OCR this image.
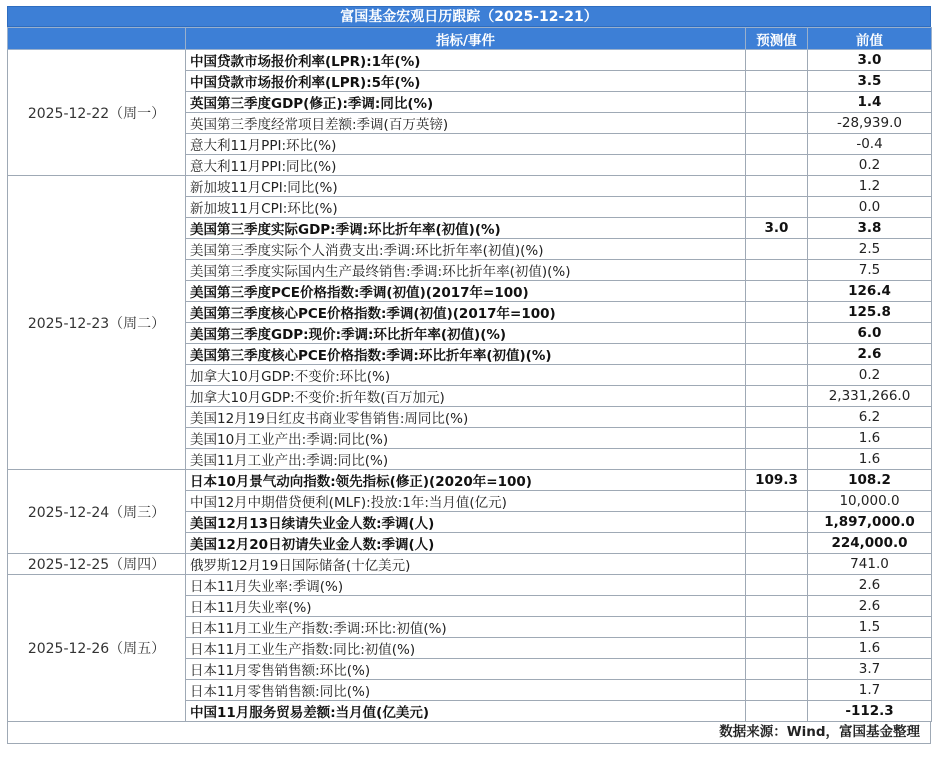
富国基金宏观日历跟踪（2025-12-21）
	指标/事件	预测值	前值
2025-12-22（周一）	中国贷款市场报价利率(LPR):1年(%)		3.0
	中国贷款市场报价利率(LPR):5年(%)		3.5
	英国第三季度GDP(修正):季调:同比(%)		1.4
	英国第三季度经常项目差额:季调(百万英镑)		-28,939.0
	意大利11月PPI:环比(%)		-0.4
	意大利11月PPI:同比(%)		0.2
2025-12-23（周二）	新加坡11月CPI:同比(%)		1.2
	新加坡11月CPI:环比(%)		0.0
	美国第三季度实际GDP:季调:环比折年率(初值)(%)	3.0	3.8
	美国第三季度实际个人消费支出:季调:环比折年率(初值)(%)		2.5
	美国第三季度实际国内生产最终销售:季调:环比折年率(初值)(%)		7.5
	美国第三季度PCE价格指数:季调(初值)(2017年=100)		126.4
	美国第三季度核心PCE价格指数:季调(初值)(2017年=100)		125.8
	美国第三季度GDP:现价:季调:环比折年率(初值)(%)		6.0
	美国第三季度核心PCE价格指数:季调:环比折年率(初值)(%)		2.6
	加拿大10月GDP:不变价:环比(%)		0.2
	加拿大10月GDP:不变价:折年数(百万加元)		2,331,266.0
	美国12月19日红皮书商业零售销售:周同比(%)		6.2
	美国10月工业产出:季调:同比(%)		1.6
	美国11月工业产出:季调:同比(%)		1.6
2025-12-24（周三）	日本10月景气动向指数:领先指标(修正)(2020年=100)	109.3	108.2
	中国12月中期借贷便利(MLF):投放:1年:当月值(亿元)		10,000.0
	美国12月13日续请失业金人数:季调(人)		1,897,000.0
	美国12月20日初请失业金人数:季调(人)		224,000.0
2025-12-25（周四）	俄罗斯12月19日国际储备(十亿美元)		741.0
2025-12-26（周五）	日本11月失业率:季调(%)		2.6
	日本11月失业率(%)		2.6
	日本11月工业生产指数:季调:环比:初值(%)		1.5
	日本11月工业生产指数:同比:初值(%)		1.6
	日本11月零售销售额:环比(%)		3.7
	日本11月零售销售额:同比(%)		1.7
	中国11月服务贸易差额:当月值(亿美元)		-112.3
数据来源：Wind，富国基金整理
